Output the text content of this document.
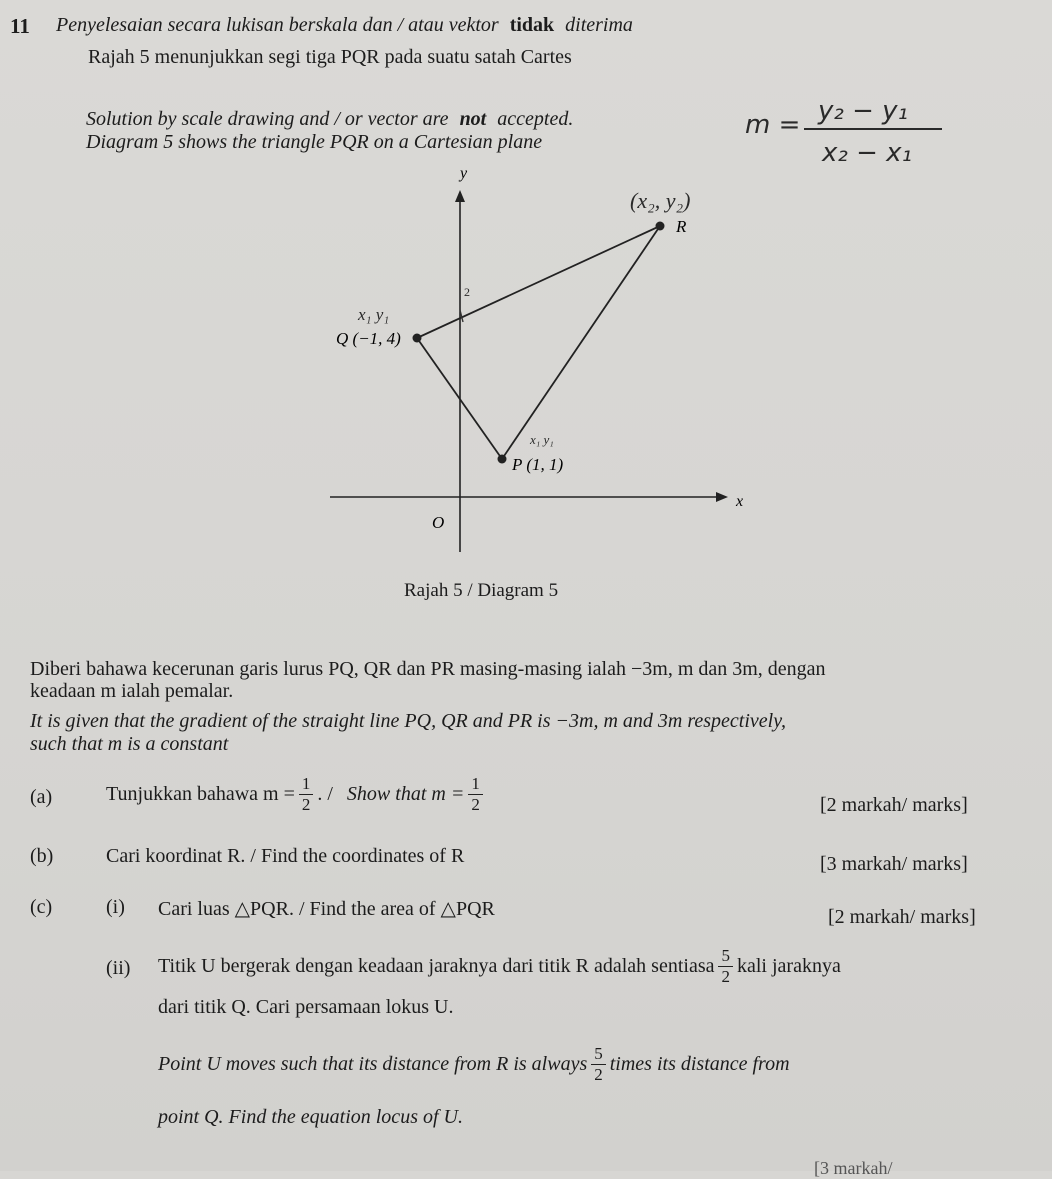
11 Penyelesaian secara lukisan berskala dan / atau vektor tidak diterima
Rajah 5 menunjukkan segi tiga PQR pada suatu satah Cartes
Solution by scale drawing and / or vector are not accepted.
Diagram 5 shows the triangle PQR on a Cartesian plane
m = y₂ − y₁
x₂ − x₁
y
x
O
R
Q (−1, 4)
P (1, 1)
(x₂, y₂)
x₁ y₁
x₁ y₁
2
Rajah 5 / Diagram 5
Diberi bahawa kecerunan garis lurus PQ, QR dan PR masing-masing ialah −3m, m dan 3m, dengan
keadaan m ialah pemalar.
It is given that the gradient of the straight line PQ, QR and PR is −3m, m and 3m respectively,
such that m is a constant
(a)	Tunjukkan bahawa $m = \frac{1}{2}$ . / Show that $m = \frac{1}{2}$	[2 markah/ marks]
(b)	Cari koordinat R. / Find the coordinates of R	[3 markah/ marks]
(c)	(i) Cari luas △PQR. / Find the area of △PQR	[2 markah/ marks]
(ii) Titik U bergerak dengan keadaan jaraknya dari titik R adalah sentiasa $\frac{5}{2}$ kali jaraknya
dari titik Q. Cari persamaan lokus U.
Point U moves such that its distance from R is always $\frac{5}{2}$ times its distance from
point Q. Find the equation locus of U.
[3 markah/
